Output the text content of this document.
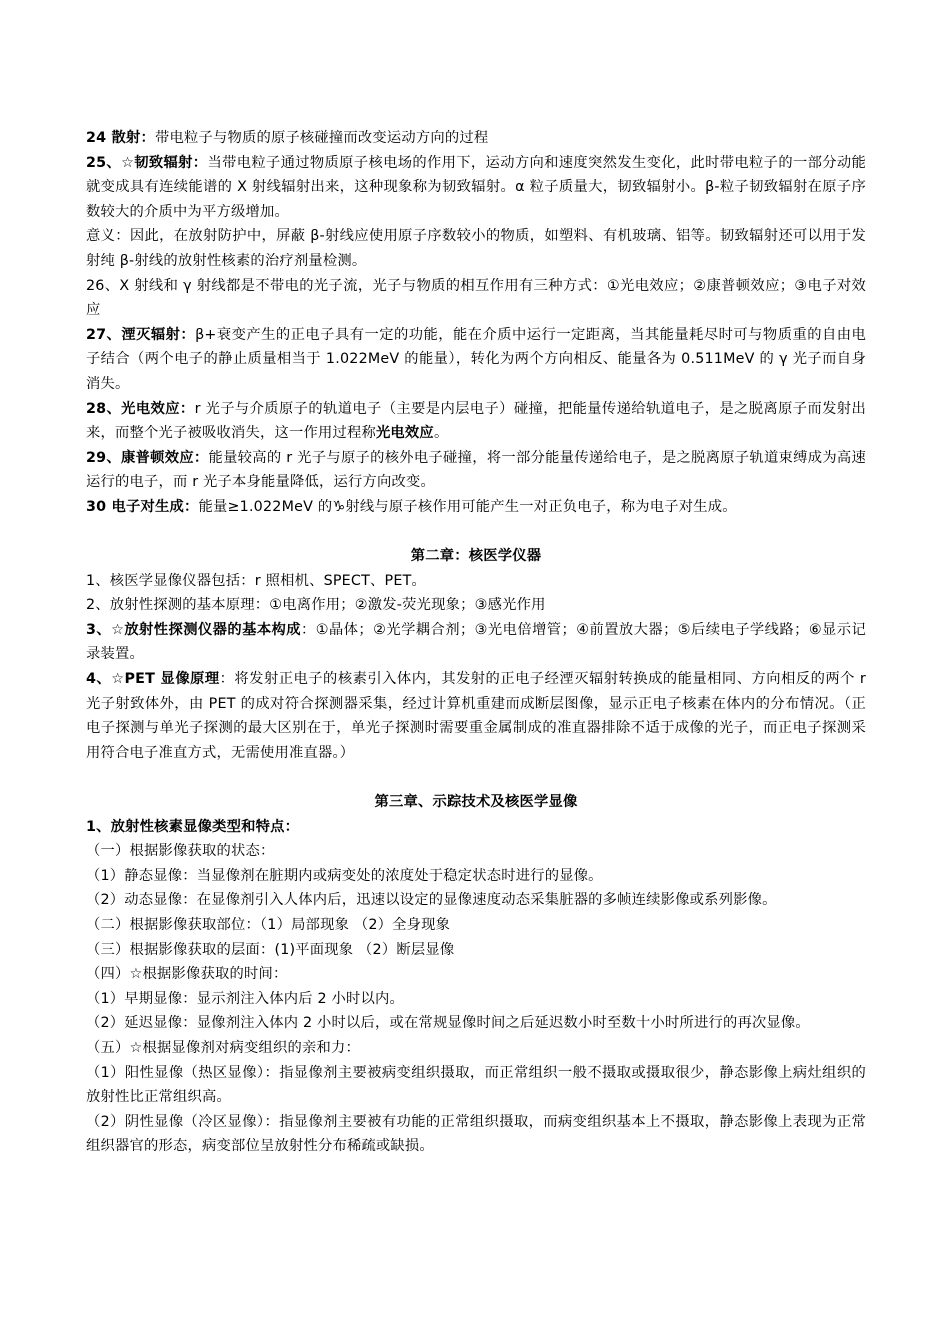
24 散射：带电粒子与物质的原子核碰撞而改变运动方向的过程

25、☆韧致辐射：当带电粒子通过物质原子核电场的作用下，运动方向和速度突然发生变化，此时带电粒子的一部分动能就变成具有连续能谱的 X 射线辐射出来，这种现象称为韧致辐射。α 粒子质量大，韧致辐射小。β-粒子韧致辐射在原子序数较大的介质中为平方级增加。

意义：因此，在放射防护中，屏蔽 β-射线应使用原子序数较小的物质，如塑料、有机玻璃、铝等。韧致辐射还可以用于发射纯 β-射线的放射性核素的治疗剂量检测。

26、X 射线和 γ 射线都是不带电的光子流，光子与物质的相互作用有三种方式：①光电效应；②康普顿效应；③电子对效应

27、湮灭辐射：β+衰变产生的正电子具有一定的功能，能在介质中运行一定距离，当其能量耗尽时可与物质重的自由电子结合（两个电子的静止质量相当于 1.022MeV 的能量），转化为两个方向相反、能量各为 0.511MeV 的 γ 光子而自身消失。

28、光电效应：r 光子与介质原子的轨道电子（主要是内层电子）碰撞，把能量传递给轨道电子，是之脱离原子而发射出来，而整个光子被吸收消失，这一作用过程称光电效应。

29、康普顿效应：能量较高的 r 光子与原子的核外电子碰撞，将一部分能量传递给电子，是之脱离原子轨道束缚成为高速运行的电子，而 r 光子本身能量降低，运行方向改变。

30 电子对生成：能量≥1.022MeV 的♑射线与原子核作用可能产生一对正负电子，称为电子对生成。

第二章：核医学仪器

1、核医学显像仪器包括：r 照相机、SPECT、PET。

2、放射性探测的基本原理：①电离作用；②激发-荧光现象；③感光作用

3、☆放射性探测仪器的基本构成：①晶体；②光学耦合剂；③光电倍增管；④前置放大器；⑤后续电子学线路；⑥显示记录装置。

4、☆PET 显像原理：将发射正电子的核素引入体内，其发射的正电子经湮灭辐射转换成的能量相同、方向相反的两个 r 光子射致体外，由 PET 的成对符合探测器采集，经过计算机重建而成断层图像，显示正电子核素在体内的分布情况。（正电子探测与单光子探测的最大区别在于，单光子探测时需要重金属制成的准直器排除不适于成像的光子，而正电子探测采用符合电子准直方式，无需使用准直器。）

第三章、示踪技术及核医学显像

1、放射性核素显像类型和特点：

（一）根据影像获取的状态：

（1）静态显像：当显像剂在脏期内或病变处的浓度处于稳定状态时进行的显像。

（2）动态显像：在显像剂引入人体内后，迅速以设定的显像速度动态采集脏器的多帧连续影像或系列影像。

（二）根据影像获取部位：（1）局部现象 （2）全身现象

（三）根据影像获取的层面：(1)平面现象 （2）断层显像

（四）☆根据影像获取的时间：

（1）早期显像：显示剂注入体内后 2 小时以内。

（2）延迟显像：显像剂注入体内 2 小时以后，或在常规显像时间之后延迟数小时至数十小时所进行的再次显像。

（五）☆根据显像剂对病变组织的亲和力：

（1）阳性显像（热区显像）：指显像剂主要被病变组织摄取，而正常组织一般不摄取或摄取很少，静态影像上病灶组织的放射性比正常组织高。

（2）阴性显像（冷区显像）：指显像剂主要被有功能的正常组织摄取，而病变组织基本上不摄取，静态影像上表现为正常组织器官的形态，病变部位呈放射性分布稀疏或缺损。
